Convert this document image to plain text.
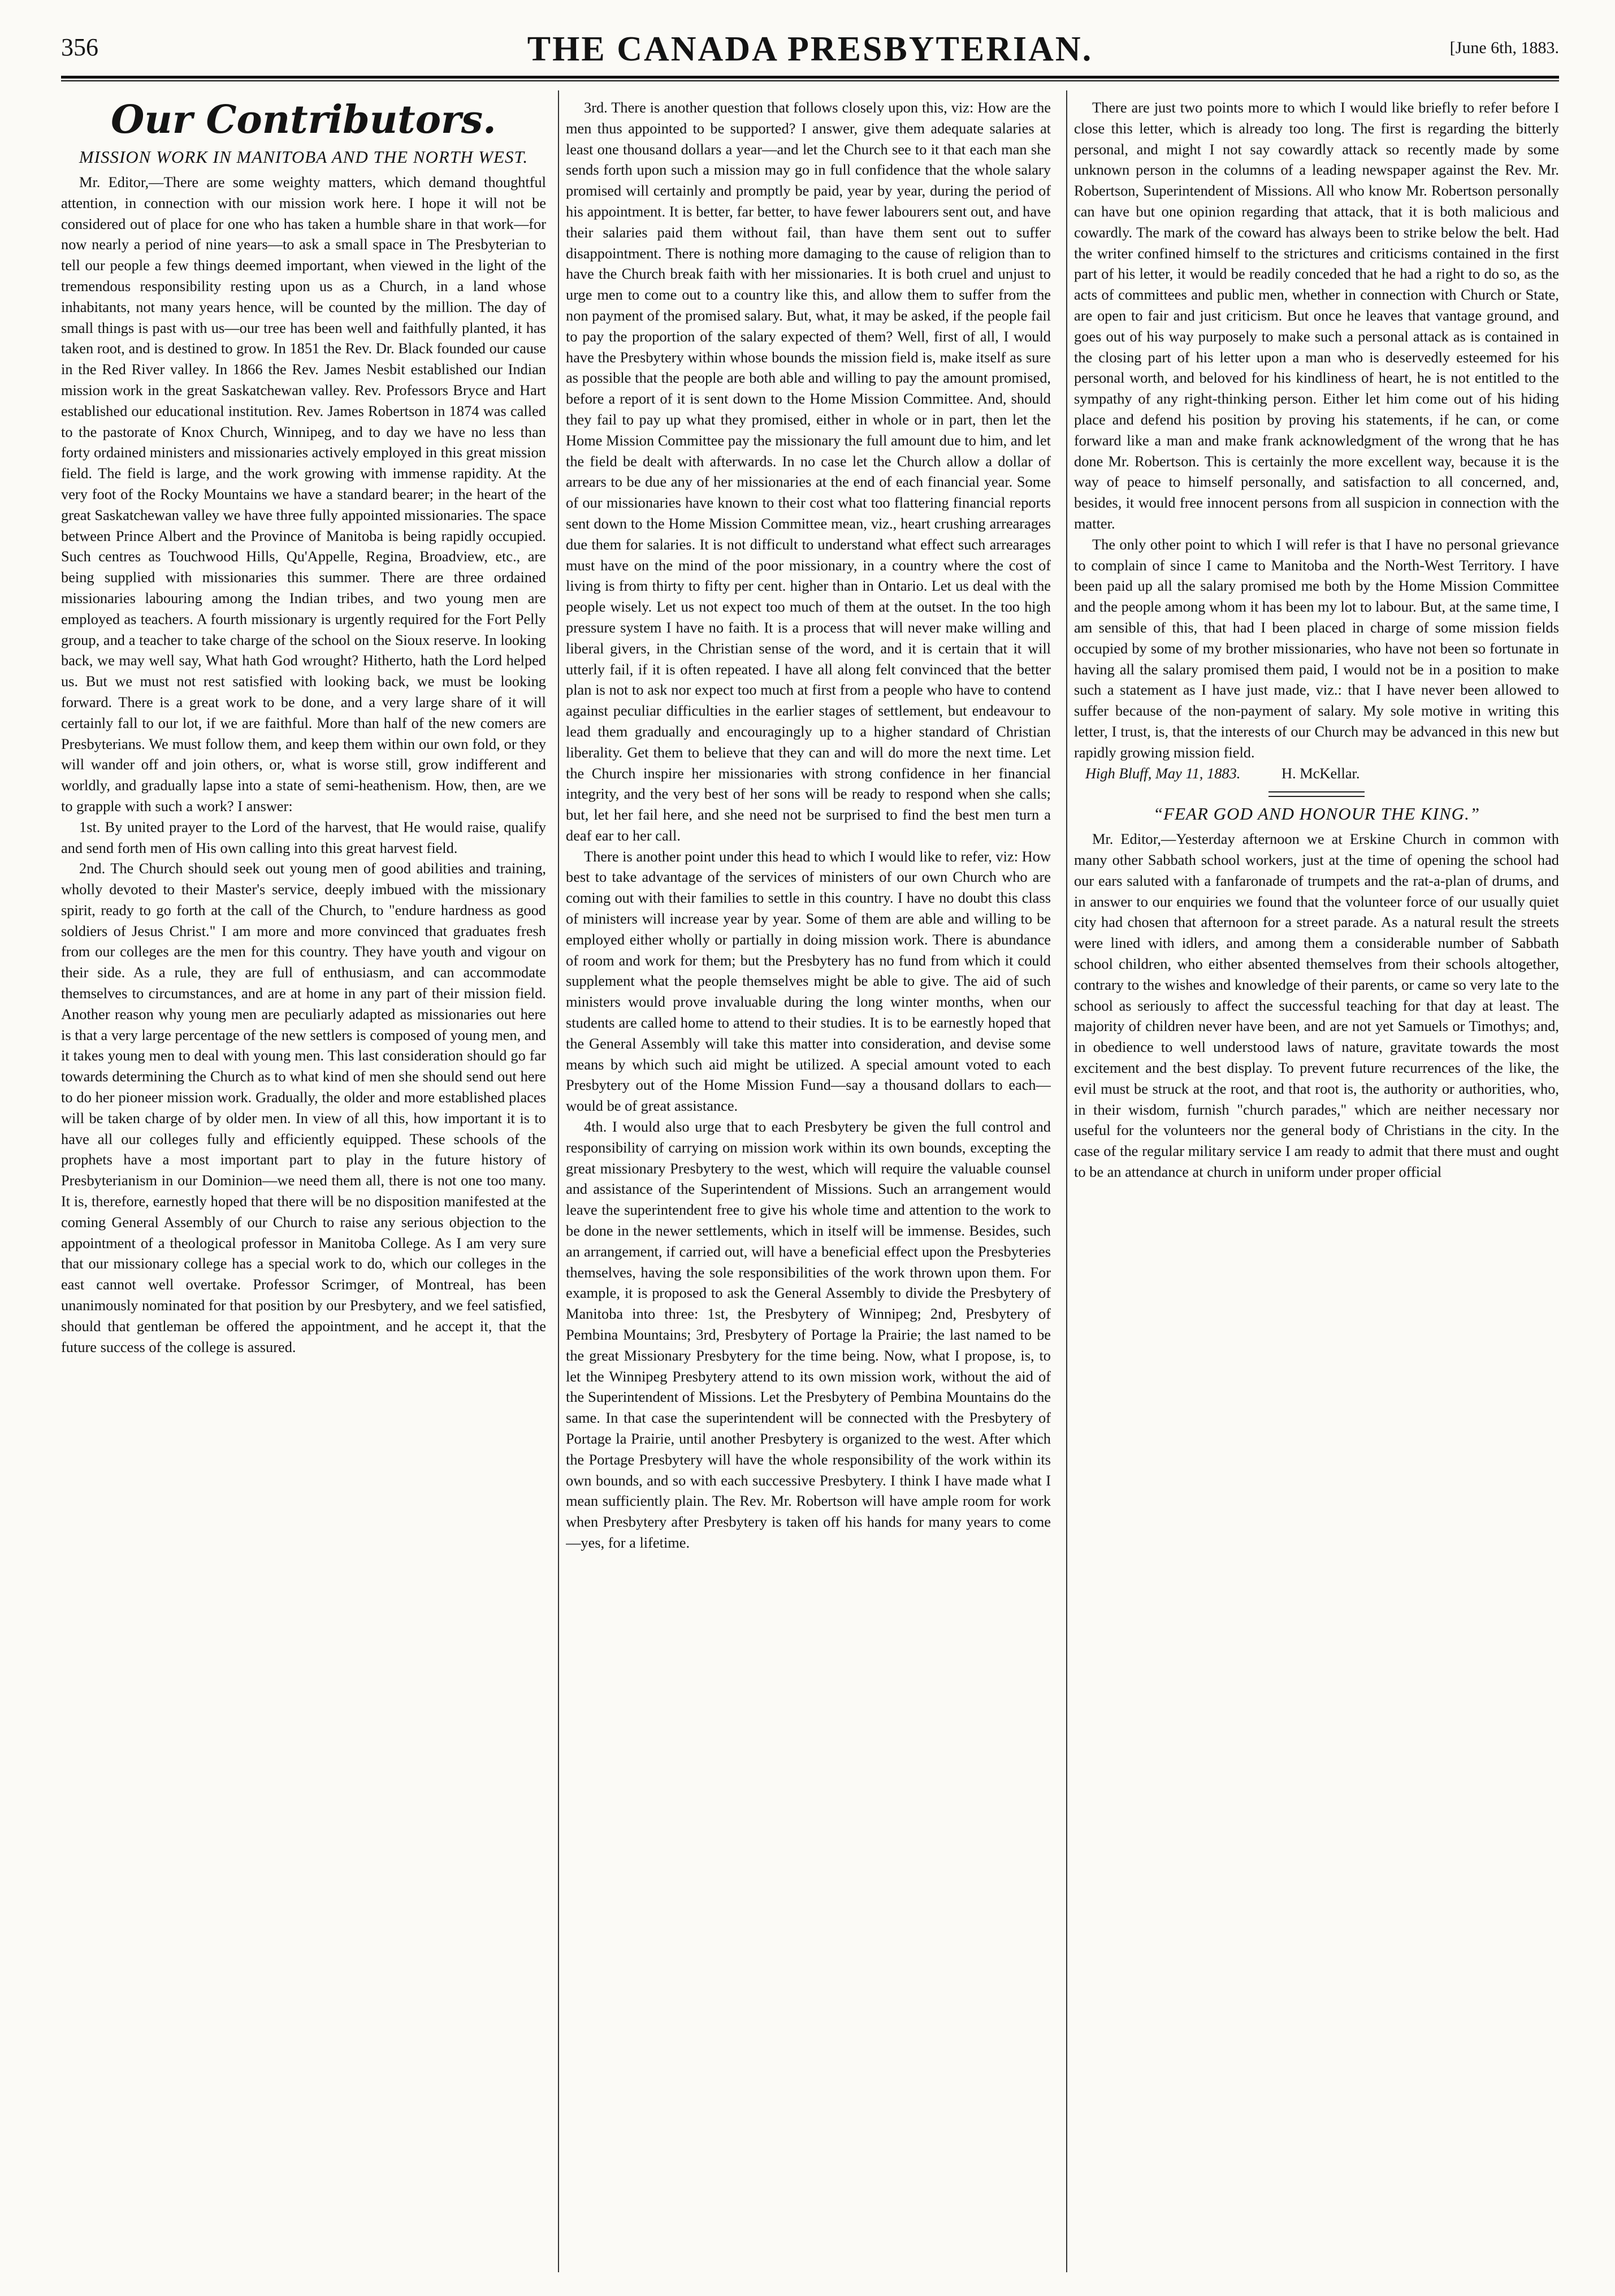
356	THE CANADA PRESBYTERIAN.	[June 6th, 1883.
Our Contributors.
MISSION WORK IN MANITOBA AND THE NORTH WEST.

Mr. Editor,—There are some weighty matters, which demand thoughtful attention, in connection with our mission work here. I hope it will not be considered out of place for one who has taken a humble share in that work—for now nearly a period of nine years—to ask a small space in The Presbyterian to tell our people a few things deemed important, when viewed in the light of the tremendous responsibility resting upon us as a Church, in a land whose inhabitants, not many years hence, will be counted by the million. The day of small things is past with us—our tree has been well and faithfully planted, it has taken root, and is destined to grow. In 1851 the Rev. Dr. Black founded our cause in the Red River valley. In 1866 the Rev. James Nesbit established our Indian mission work in the great Saskatchewan valley. Rev. Professors Bryce and Hart established our educational institution. Rev. James Robertson in 1874 was called to the pastorate of Knox Church, Winnipeg, and to day we have no less than forty ordained ministers and missionaries actively employed in this great mission field. The field is large, and the work growing with immense rapidity. At the very foot of the Rocky Mountains we have a standard bearer; in the heart of the great Saskatchewan valley we have three fully appointed missionaries. The space between Prince Albert and the Province of Manitoba is being rapidly occupied. Such centres as Touchwood Hills, Qu'Appelle, Regina, Broadview, etc., are being supplied with missionaries this summer. There are three ordained missionaries labouring among the Indian tribes, and two young men are employed as teachers. A fourth missionary is urgently required for the Fort Pelly group, and a teacher to take charge of the school on the Sioux reserve. In looking back, we may well say, What hath God wrought? Hitherto, hath the Lord helped us. But we must not rest satisfied with looking back, we must be looking forward. There is a great work to be done, and a very large share of it will certainly fall to our lot, if we are faithful. More than half of the new comers are Presbyterians. We must follow them, and keep them within our own fold, or they will wander off and join others, or, what is worse still, grow indifferent and worldly, and gradually lapse into a state of semi-heathenism. How, then, are we to grapple with such a work? I answer:

1st. By united prayer to the Lord of the harvest, that He would raise, qualify and send forth men of His own calling into this great harvest field.

2nd. The Church should seek out young men of good abilities and training, wholly devoted to their Master's service, deeply imbued with the missionary spirit, ready to go forth at the call of the Church, to "endure hardness as good soldiers of Jesus Christ." I am more and more convinced that graduates fresh from our colleges are the men for this country. They have youth and vigour on their side. As a rule, they are full of enthusiasm, and can accommodate themselves to circumstances, and are at home in any part of their mission field. Another reason why young men are peculiarly adapted as missionaries out here is that a very large percentage of the new settlers is composed of young men, and it takes young men to deal with young men. This last consideration should go far towards determining the Church as to what kind of men she should send out here to do her pioneer mission work. Gradually, the older and more established places will be taken charge of by older men. In view of all this, how important it is to have all our colleges fully and efficiently equipped. These schools of the prophets have a most important part to play in the future history of Presbyterianism in our Dominion—we need them all, there is not one too many. It is, therefore, earnestly hoped that there will be no disposition manifested at the coming General Assembly of our Church to raise any serious objection to the appointment of a theological professor in Manitoba College. As I am very sure that our missionary college has a special work to do, which our colleges in the east cannot well overtake. Professor Scrimger, of Montreal, has been unanimously nominated for that position by our Presbytery, and we feel satisfied, should that gentleman be offered the appointment, and he accept it, that the future success of the college is assured.

3rd. There is another question that follows closely upon this, viz: How are the men thus appointed to be supported? I answer, give them adequate salaries at least one thousand dollars a year—and let the Church see to it that each man she sends forth upon such a mission may go in full confidence that the whole salary promised will certainly and promptly be paid, year by year, during the period of his appointment. It is better, far better, to have fewer labourers sent out, and have their salaries paid them without fail, than have them sent out to suffer disappointment. There is nothing more damaging to the cause of religion than to have the Church break faith with her missionaries. It is both cruel and unjust to urge men to come out to a country like this, and allow them to suffer from the non payment of the promised salary. But, what, it may be asked, if the people fail to pay the proportion of the salary expected of them? Well, first of all, I would have the Presbytery within whose bounds the mission field is, make itself as sure as possible that the people are both able and willing to pay the amount promised, before a report of it is sent down to the Home Mission Committee. And, should they fail to pay up what they promised, either in whole or in part, then let the Home Mission Committee pay the missionary the full amount due to him, and let the field be dealt with afterwards. In no case let the Church allow a dollar of arrears to be due any of her missionaries at the end of each financial year. Some of our missionaries have known to their cost what too flattering financial reports sent down to the Home Mission Committee mean, viz., heart crushing arrearages due them for salaries. It is not difficult to understand what effect such arrearages must have on the mind of the poor missionary, in a country where the cost of living is from thirty to fifty per cent. higher than in Ontario. Let us deal with the people wisely. Let us not expect too much of them at the outset. In the too high pressure system I have no faith. It is a process that will never make willing and liberal givers, in the Christian sense of the word, and it is certain that it will utterly fail, if it is often repeated. I have all along felt convinced that the better plan is not to ask nor expect too much at first from a people who have to contend against peculiar difficulties in the earlier stages of settlement, but endeavour to lead them gradually and encouragingly up to a higher standard of Christian liberality. Get them to believe that they can and will do more the next time. Let the Church inspire her missionaries with strong confidence in her financial integrity, and the very best of her sons will be ready to respond when she calls; but, let her fail here, and she need not be surprised to find the best men turn a deaf ear to her call.

There is another point under this head to which I would like to refer, viz: How best to take advantage of the services of ministers of our own Church who are coming out with their families to settle in this country. I have no doubt this class of ministers will increase year by year. Some of them are able and willing to be employed either wholly or partially in doing mission work. There is abundance of room and work for them; but the Presbytery has no fund from which it could supplement what the people themselves might be able to give. The aid of such ministers would prove invaluable during the long winter months, when our students are called home to attend to their studies. It is to be earnestly hoped that the General Assembly will take this matter into consideration, and devise some means by which such aid might be utilized. A special amount voted to each Presbytery out of the Home Mission Fund—say a thousand dollars to each—would be of great assistance.

4th. I would also urge that to each Presbytery be given the full control and responsibility of carrying on mission work within its own bounds, excepting the great missionary Presbytery to the west, which will require the valuable counsel and assistance of the Superintendent of Missions. Such an arrangement would leave the superintendent free to give his whole time and attention to the work to be done in the newer settlements, which in itself will be immense. Besides, such an arrangement, if carried out, will have a beneficial effect upon the Presbyteries themselves, having the sole responsibilities of the work thrown upon them. For example, it is proposed to ask the General Assembly to divide the Presbytery of Manitoba into three: 1st, the Presbytery of Winnipeg; 2nd, Presbytery of Pembina Mountains; 3rd, Presbytery of Portage la Prairie; the last named to be the great Missionary Presbytery for the time being. Now, what I propose, is, to let the Winnipeg Presbytery attend to its own mission work, without the aid of the Superintendent of Missions. Let the Presbytery of Pembina Mountains do the same. In that case the superintendent will be connected with the Presbytery of Portage la Prairie, until another Presbytery is organized to the west. After which the Portage Presbytery will have the whole responsibility of the work within its own bounds, and so with each successive Presbytery. I think I have made what I mean sufficiently plain. The Rev. Mr. Robertson will have ample room for work when Presbytery after Presbytery is taken off his hands for many years to come—yes, for a lifetime.

There are just two points more to which I would like briefly to refer before I close this letter, which is already too long. The first is regarding the bitterly personal, and might I not say cowardly attack so recently made by some unknown person in the columns of a leading newspaper against the Rev. Mr. Robertson, Superintendent of Missions. All who know Mr. Robertson personally can have but one opinion regarding that attack, that it is both malicious and cowardly. The mark of the coward has always been to strike below the belt. Had the writer confined himself to the strictures and criticisms contained in the first part of his letter, it would be readily conceded that he had a right to do so, as the acts of committees and public men, whether in connection with Church or State, are open to fair and just criticism. But once he leaves that vantage ground, and goes out of his way purposely to make such a personal attack as is contained in the closing part of his letter upon a man who is deservedly esteemed for his personal worth, and beloved for his kindliness of heart, he is not entitled to the sympathy of any right-thinking person. Either let him come out of his hiding place and defend his position by proving his statements, if he can, or come forward like a man and make frank acknowledgment of the wrong that he has done Mr. Robertson. This is certainly the more excellent way, because it is the way of peace to himself personally, and satisfaction to all concerned, and, besides, it would free innocent persons from all suspicion in connection with the matter.

The only other point to which I will refer is that I have no personal grievance to complain of since I came to Manitoba and the North-West Territory. I have been paid up all the salary promised me both by the Home Mission Committee and the people among whom it has been my lot to labour. But, at the same time, I am sensible of this, that had I been placed in charge of some mission fields occupied by some of my brother missionaries, who have not been so fortunate in having all the salary promised them paid, I would not be in a position to make such a statement as I have just made, viz.: that I have never been allowed to suffer because of the non-payment of salary. My sole motive in writing this letter, I trust, is, that the interests of our Church may be advanced in this new but rapidly growing mission field.

High Bluff, May 11, 1883.	H. McKellar.

“FEAR GOD AND HONOUR THE KING.”

Mr. Editor,—Yesterday afternoon we at Erskine Church in common with many other Sabbath school workers, just at the time of opening the school had our ears saluted with a fanfaronade of trumpets and the rat-a-plan of drums, and in answer to our enquiries we found that the volunteer force of our usually quiet city had chosen that afternoon for a street parade. As a natural result the streets were lined with idlers, and among them a considerable number of Sabbath school children, who either absented themselves from their schools altogether, contrary to the wishes and knowledge of their parents, or came so very late to the school as seriously to affect the successful teaching for that day at least. The majority of children never have been, and are not yet Samuels or Timothys; and, in obedience to well understood laws of nature, gravitate towards the most excitement and the best display. To prevent future recurrences of the like, the evil must be struck at the root, and that root is, the authority or authorities, who, in their wisdom, furnish "church parades," which are neither necessary nor useful for the volunteers nor the general body of Christians in the city. In the case of the regular military service I am ready to admit that there must and ought to be an attendance at church in uniform under proper official
